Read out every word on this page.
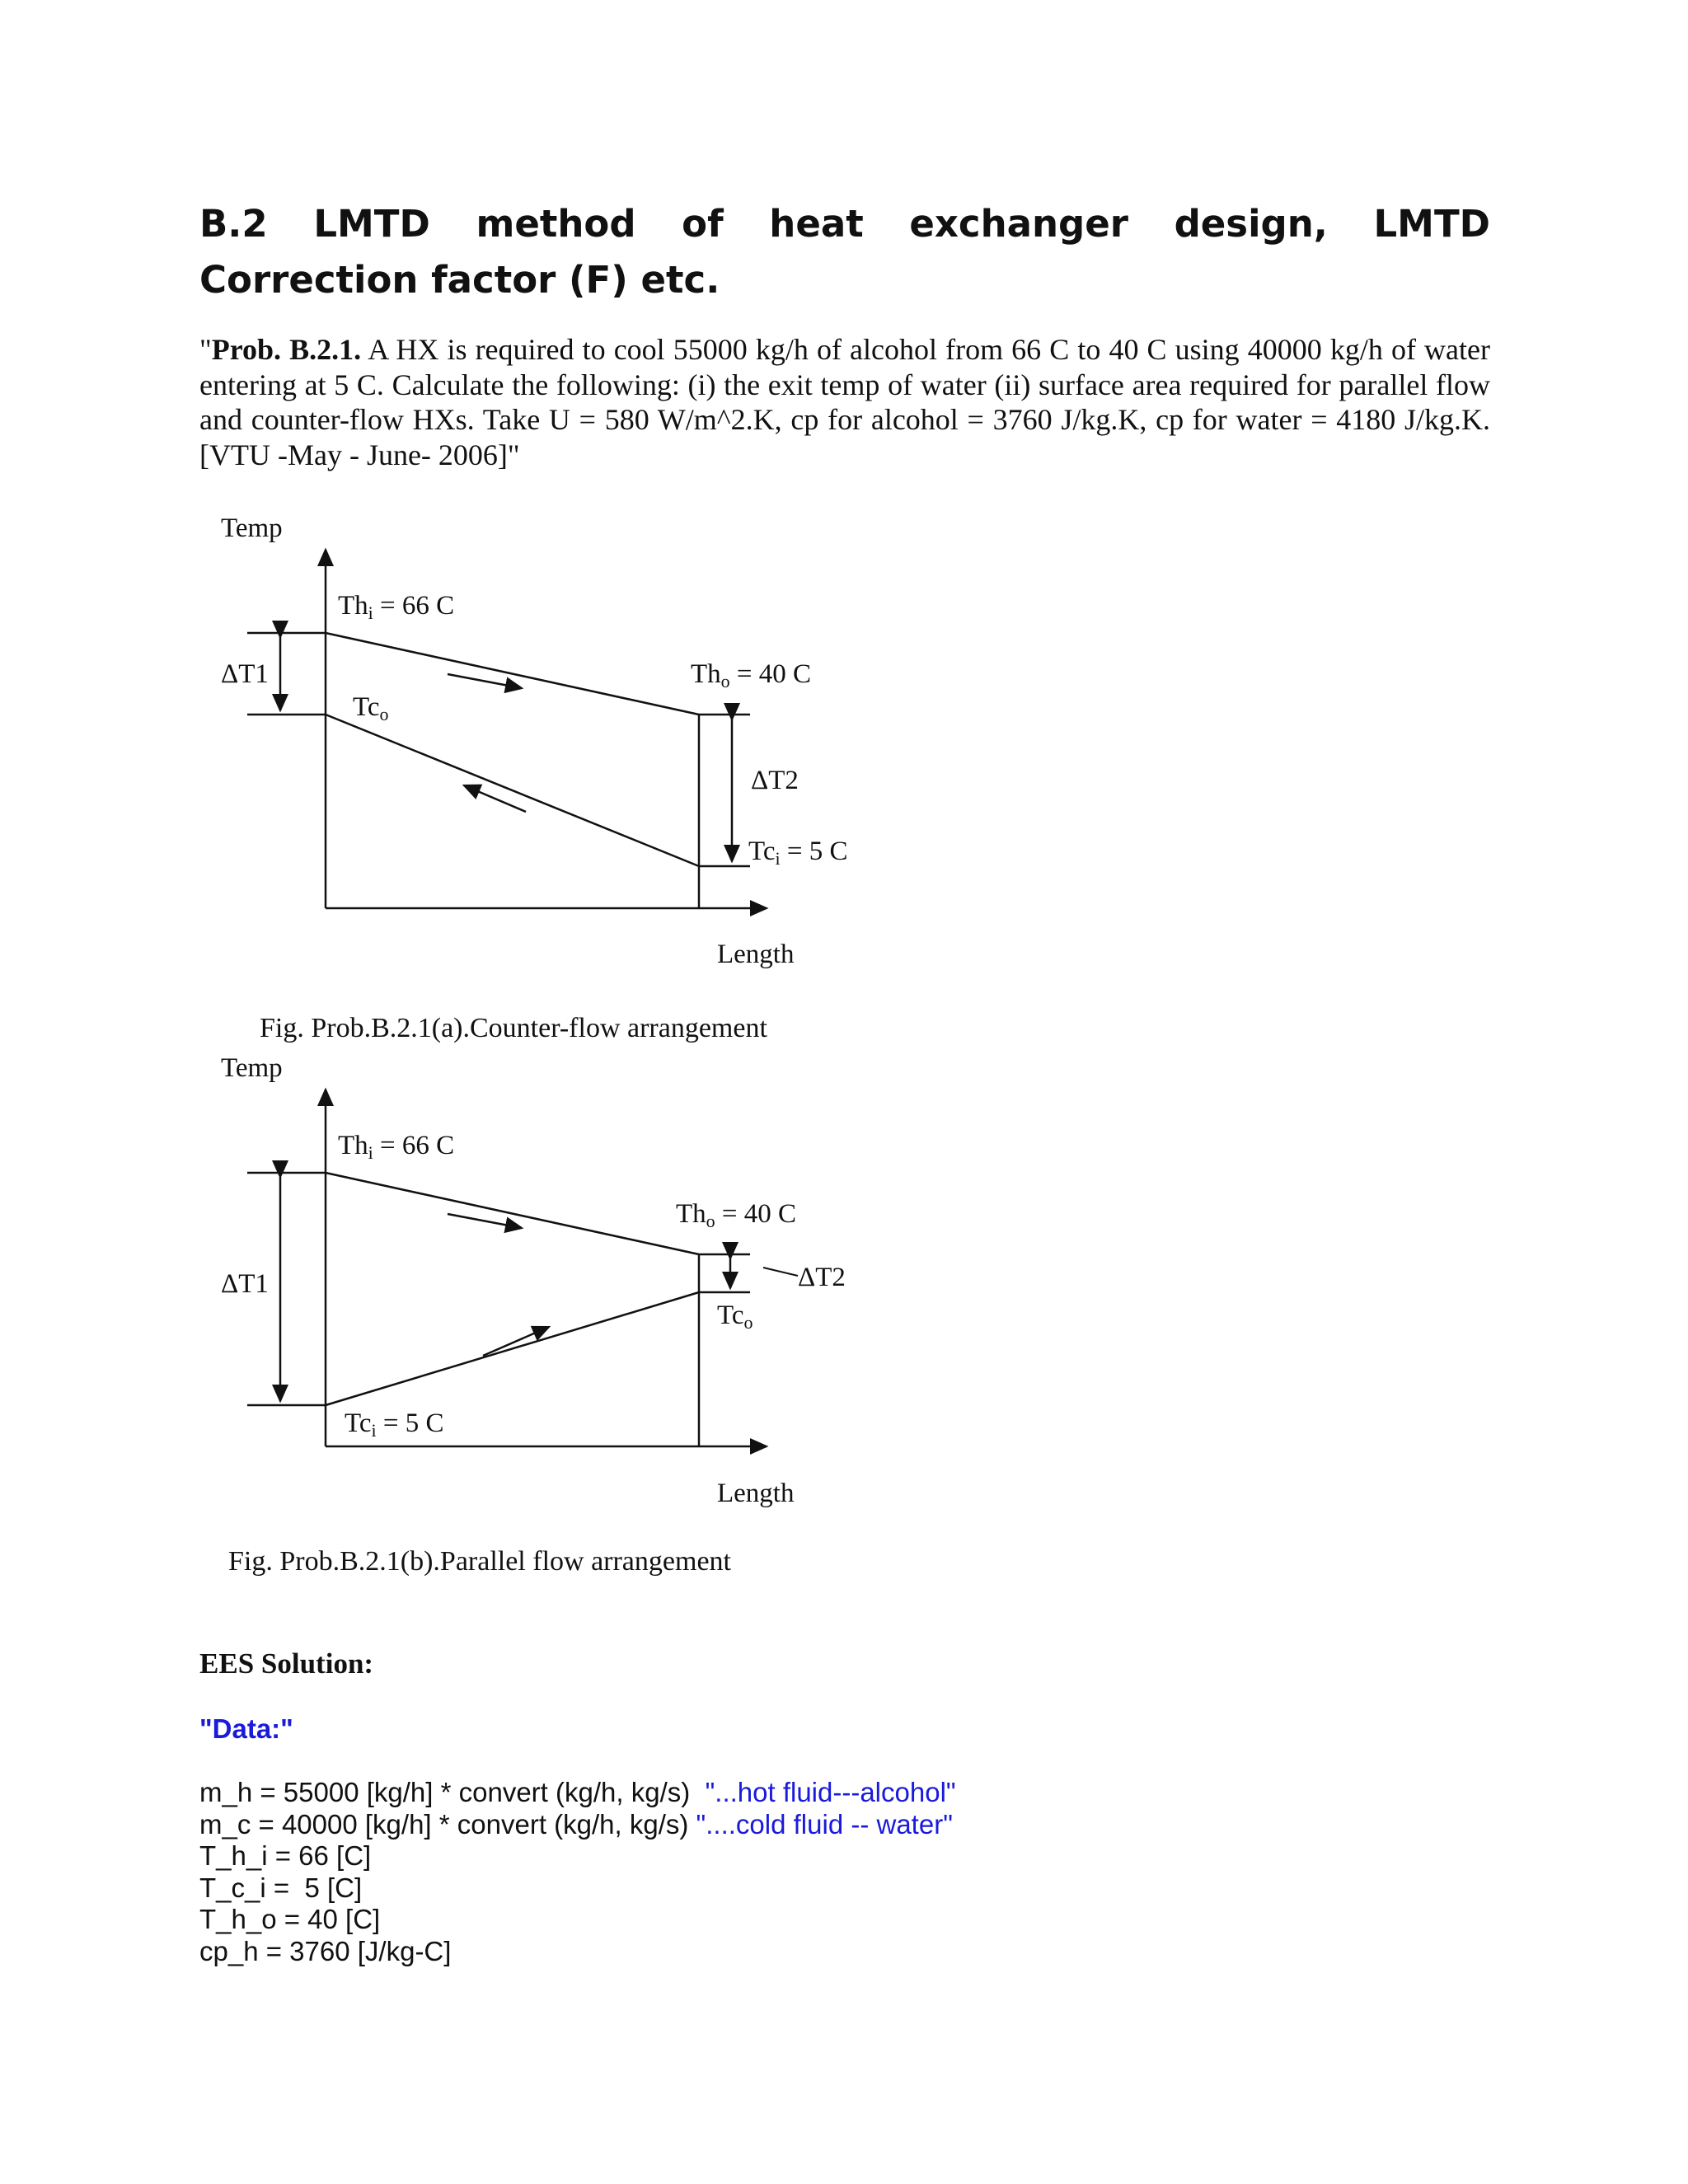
B.2 LMTD method of heat exchanger design, LMTD Correction factor (F) etc.

"Prob. B.2.1. A HX is required to cool 55000 kg/h of alcohol from 66 C to 40 C using 40000 kg/h of water entering at 5 C. Calculate the following: (i) the exit temp of water (ii) surface area required for parallel flow and counter-flow HXs. Take U = 580 W/m^2.K, cp for alcohol = 3760 J/kg.K, cp for water = 4180 J/kg.K. [VTU -May - June- 2006]"

Temp
Length
Thi = 66 C
Tho = 40 C
Tco
Tci = 5 C
ΔT1
ΔT2
Fig. Prob.B.2.1(a).Counter-flow arrangement
Temp
Length
Thi = 66 C
Tho = 40 C
Tco
Tci = 5 C
ΔT1	ΔT2
Fig. Prob.B.2.1(b).Parallel flow arrangement
EES Solution:
"Data:"
m_h = 55000 [kg/h] * convert (kg/h, kg/s)  "...hot fluid---alcohol"
m_c = 40000 [kg/h] * convert (kg/h, kg/s) "....cold fluid -- water"
T_h_i = 66 [C]
T_c_i =  5 [C]
T_h_o = 40 [C]
cp_h = 3760 [J/kg-C]
